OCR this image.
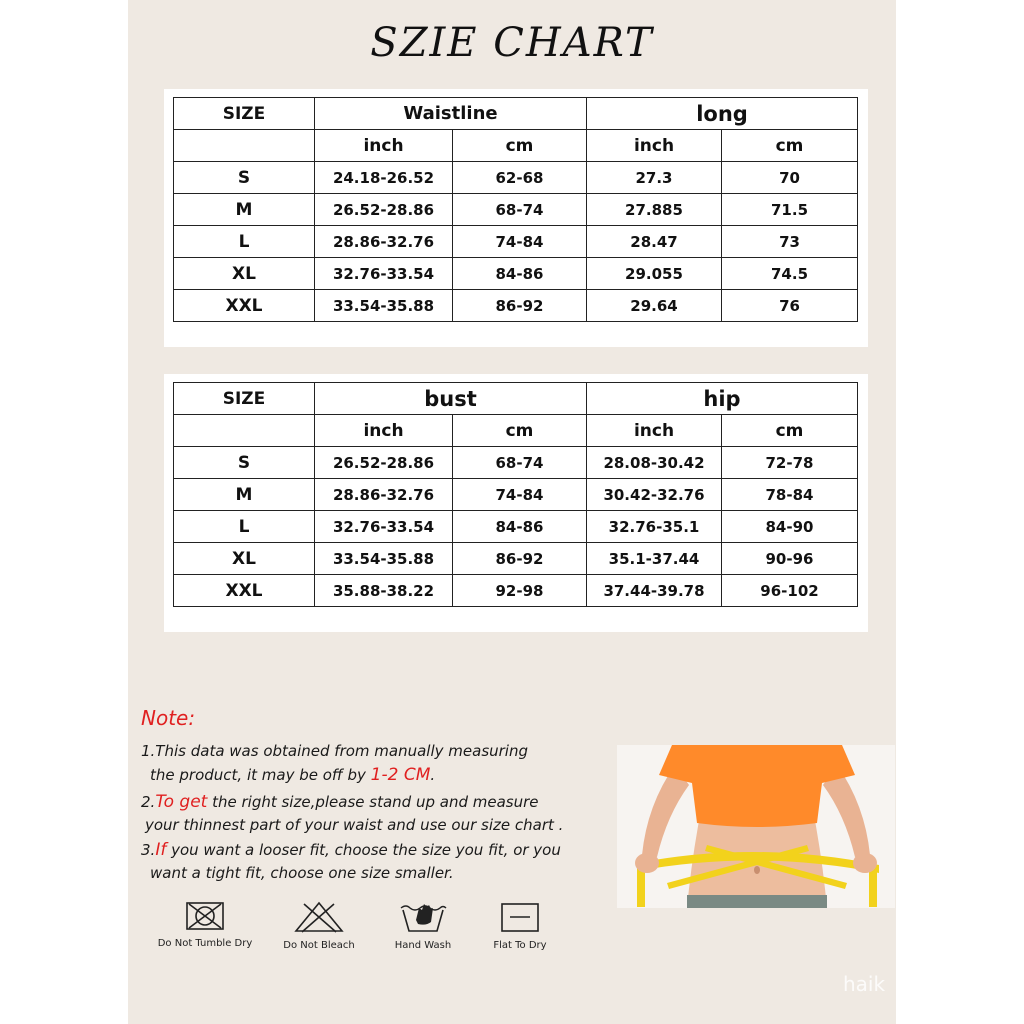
SZIE CHART
SIZE	Waistline		long	
	inch	cm	inch	cm
S	24.18-26.52	62-68	27.3	70
M	26.52-28.86	68-74	27.885	71.5
L	28.86-32.76	74-84	28.47	73
XL	32.76-33.54	84-86	29.055	74.5
XXL	33.54-35.88	86-92	29.64	76
SIZE	bust		hip	
	inch	cm	inch	cm
S	26.52-28.86	68-74	28.08-30.42	72-78
M	28.86-32.76	74-84	30.42-32.76	78-84
L	32.76-33.54	84-86	32.76-35.1	84-90
XL	33.54-35.88	86-92	35.1-37.44	90-96
XXL	35.88-38.22	92-98	37.44-39.78	96-102
Note:
1.This data was obtained from manually measuring
the product, it may be off by 1-2 CM.
2.To get the right size,please stand up and measure
your thinnest part of your waist and use our size chart .
3.If you want a looser fit, choose the size you fit, or you
want a tight fit, choose one size smaller.
Do Not Tumble Dry	Do Not Bleach	Hand Wash	Flat To Dry
haik
